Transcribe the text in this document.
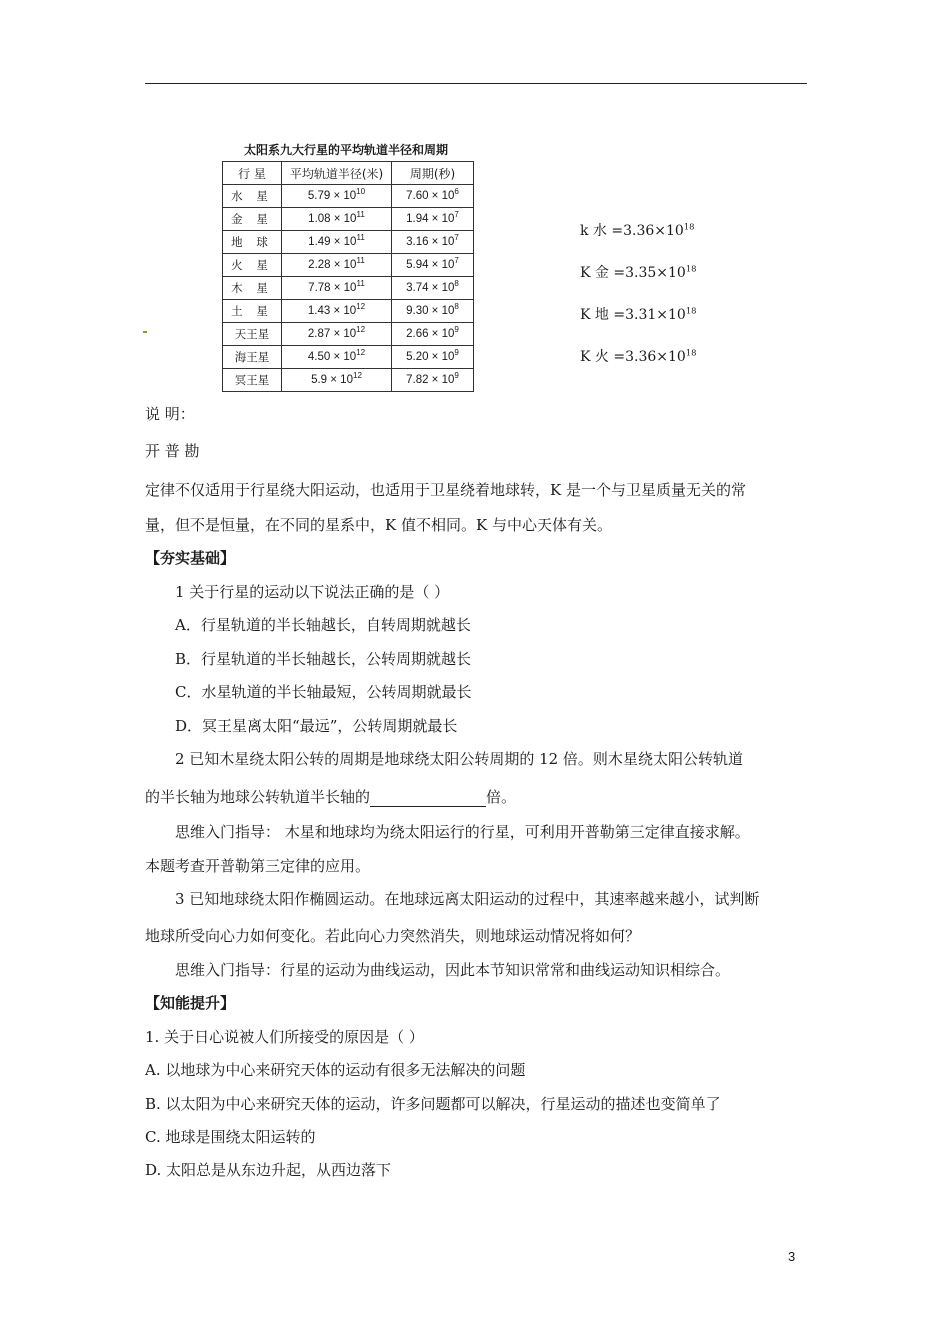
太阳系九大行星的平均轨道半径和周期
行 星	平均轨道半径(米)	周期(秒)
水 星	$5.79 \times 10^{10}$	$7.60 \times 10^6$
金 星	$1.08 \times 10^{11}$	$1.94 \times 10^7$
地 球	$1.49 \times 10^{11}$	$3.16 \times 10^7$
火 星	$2.28 \times 10^{11}$	$5.94 \times 10^7$
木 星	$7.78 \times 10^{11}$	$3.74 \times 10^8$
土 星	$1.43 \times 10^{12}$	$9.30 \times 10^8$
天王星	$2.87 \times 10^{12}$	$2.66 \times 10^9$
海王星	$4.50 \times 10^{12}$	$5.20 \times 10^9$
冥王星	$5.9 \times 10^{12}$	$7.82 \times 10^9$
k 水 $=3.36\times 10^{18}$
K 金 $=3.35\times 10^{18}$
K 地 $=3.31\times 10^{18}$
K 火 $=3.36\times 10^{18}$
说 明：
开 普 勘
定律不仅适用于行星绕大阳运动，也适用于卫星绕着地球转，K 是一个与卫星质量无关的常
量，但不是恒量，在不同的星系中，K 值不相同。K 与中心天体有关。
【夯实基础】
1 关于行星的运动以下说法正确的是（ ）
A．行星轨道的半长轴越长，自转周期就越长
B．行星轨道的半长轴越长，公转周期就越长
C．水星轨道的半长轴最短，公转周期就最长
D．冥王星离太阳“最远”，公转周期就最长
2 已知木星绕太阳公转的周期是地球绕太阳公转周期的 12 倍。则木星绕太阳公转轨道
的半长轴为地球公转轨道半长轴的	倍。
思维入门指导： 木星和地球均为绕太阳运行的行星，可利用开普勒第三定律直接求解。
本题考查开普勒第三定律的应用。
3 已知地球绕太阳作椭圆运动。在地球远离太阳运动的过程中，其速率越来越小，试判断
地球所受向心力如何变化。若此向心力突然消失，则地球运动情况将如何？
思维入门指导：行星的运动为曲线运动，因此本节知识常常和曲线运动知识相综合。
【知能提升】
1. 关于日心说被人们所接受的原因是（ ）
A. 以地球为中心来研究天体的运动有很多无法解决的问题
B. 以太阳为中心来研究天体的运动，许多问题都可以解决，行星运动的描述也变简单了
C. 地球是围绕太阳运转的
D. 太阳总是从东边升起，从西边落下
3
